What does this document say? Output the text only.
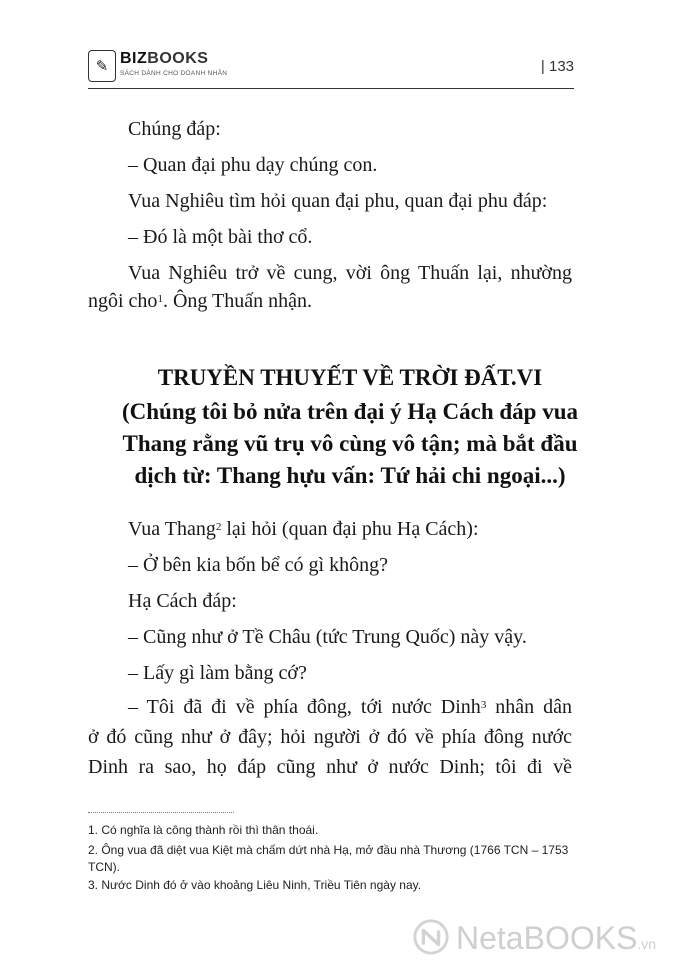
✎ BIZBOOKS
SÁCH DÀNH CHO DOANH NHÂN	| 133
Chúng đáp:
– Quan đại phu dạy chúng con.
Vua Nghiêu tìm hỏi quan đại phu, quan đại phu đáp:
– Đó là một bài thơ cổ.
Vua Nghiêu trở về cung, vời ông Thuấn lại, nhường
ngôi cho$^1$. Ông Thuấn nhận.
TRUYỀN THUYẾT VỀ TRỜI ĐẤT.VI
(Chúng tôi bỏ nửa trên đại ý Hạ Cách đáp vua
Thang rằng vũ trụ vô cùng vô tận; mà bắt đầu
dịch từ: Thang hựu vấn: Tứ hải chi ngoại...)
Vua Thang$^2$ lại hỏi (quan đại phu Hạ Cách):
– Ở bên kia bốn bể có gì không?
Hạ Cách đáp:
– Cũng như ở Tề Châu (tức Trung Quốc) này vậy.
– Lấy gì làm bằng cớ?
– Tôi đã đi về phía đông, tới nước Dinh$^3$ nhân dân
ở đó cũng như ở đây; hỏi người ở đó về phía đông nước
Dinh ra sao, họ đáp cũng như ở nước Dinh; tôi đi về
1. Có nghĩa là công thành rồi thì thân thoái.
2. Ông vua đã diệt vua Kiệt mà chấm dứt nhà Hạ, mở đầu nhà Thương (1766 TCN – 1753
TCN).
3. Nước Dinh đó ở vào khoảng Liêu Ninh, Triều Tiên ngày nay.
NetaBOOKS.vn
